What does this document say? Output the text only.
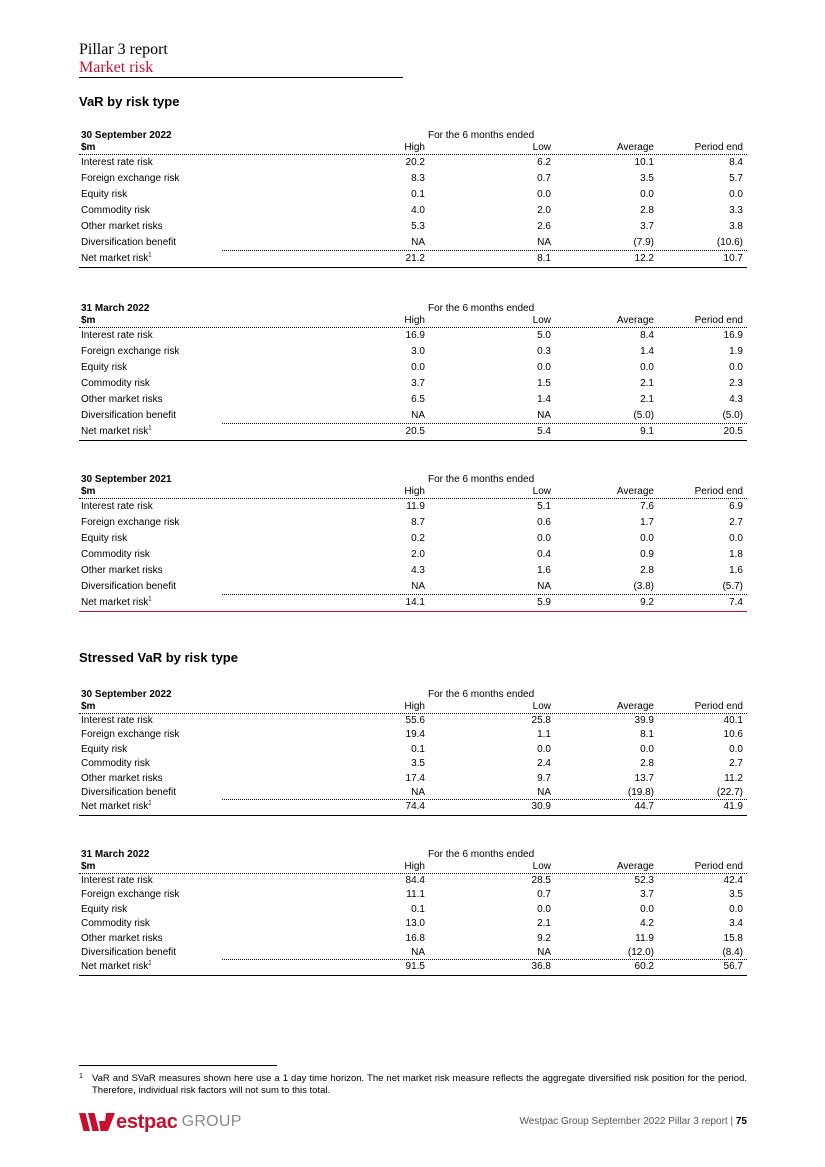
Pillar 3 report
Market risk
VaR by risk type
30 September 2022	For the 6 months ended
$m	High	Low	Average	Period end
Interest rate risk	20.2	6.2	10.1	8.4
Foreign exchange risk	8.3	0.7	3.5	5.7
Equity risk	0.1	0.0	0.0	0.0
Commodity risk	4.0	2.0	2.8	3.3
Other market risks	5.3	2.6	3.7	3.8
Diversification benefit	NA	NA	(7.9)	(10.6)
Net market risk$^1$	21.2	8.1	12.2	10.7
31 March 2022	For the 6 months ended
$m	High	Low	Average	Period end
Interest rate risk	16.9	5.0	8.4	16.9
Foreign exchange risk	3.0	0.3	1.4	1.9
Equity risk	0.0	0.0	0.0	0.0
Commodity risk	3.7	1.5	2.1	2.3
Other market risks	6.5	1.4	2.1	4.3
Diversification benefit	NA	NA	(5.0)	(5.0)
Net market risk$^1$	20.5	5.4	9.1	20.5
30 September 2021	For the 6 months ended
$m	High	Low	Average	Period end
Interest rate risk	11.9	5.1	7.6	6.9
Foreign exchange risk	8.7	0.6	1.7	2.7
Equity risk	0.2	0.0	0.0	0.0
Commodity risk	2.0	0.4	0.9	1.8
Other market risks	4.3	1.6	2.8	1.6
Diversification benefit	NA	NA	(3.8)	(5.7)
Net market risk$^1$	14.1	5.9	9.2	7.4
Stressed VaR by risk type
30 September 2022	For the 6 months ended
$m	High	Low	Average	Period end
Interest rate risk	55.6	25.8	39.9	40.1
Foreign exchange risk	19.4	1.1	8.1	10.6
Equity risk	0.1	0.0	0.0	0.0
Commodity risk	3.5	2.4	2.8	2.7
Other market risks	17.4	9.7	13.7	11.2
Diversification benefit	NA	NA	(19.8)	(22.7)
Net market risk$^1$	74.4	30.9	44.7	41.9
31 March 2022	For the 6 months ended
$m	High	Low	Average	Period end
Interest rate risk	84.4	28.5	52.3	42.4
Foreign exchange risk	11.1	0.7	3.7	3.5
Equity risk	0.1	0.0	0.0	0.0
Commodity risk	13.0	2.1	4.2	3.4
Other market risks	16.8	9.2	11.9	15.8
Diversification benefit	NA	NA	(12.0)	(8.4)
Net market risk$^1$	91.5	36.8	60.2	56.7
1 VaR and SVaR measures shown here use a 1 day time horizon. The net market risk measure reflects the aggregate diversified risk position for the period. Therefore, individual risk factors will not sum to this total.
estpac GROUP	Westpac Group September 2022 Pillar 3 report | 75
